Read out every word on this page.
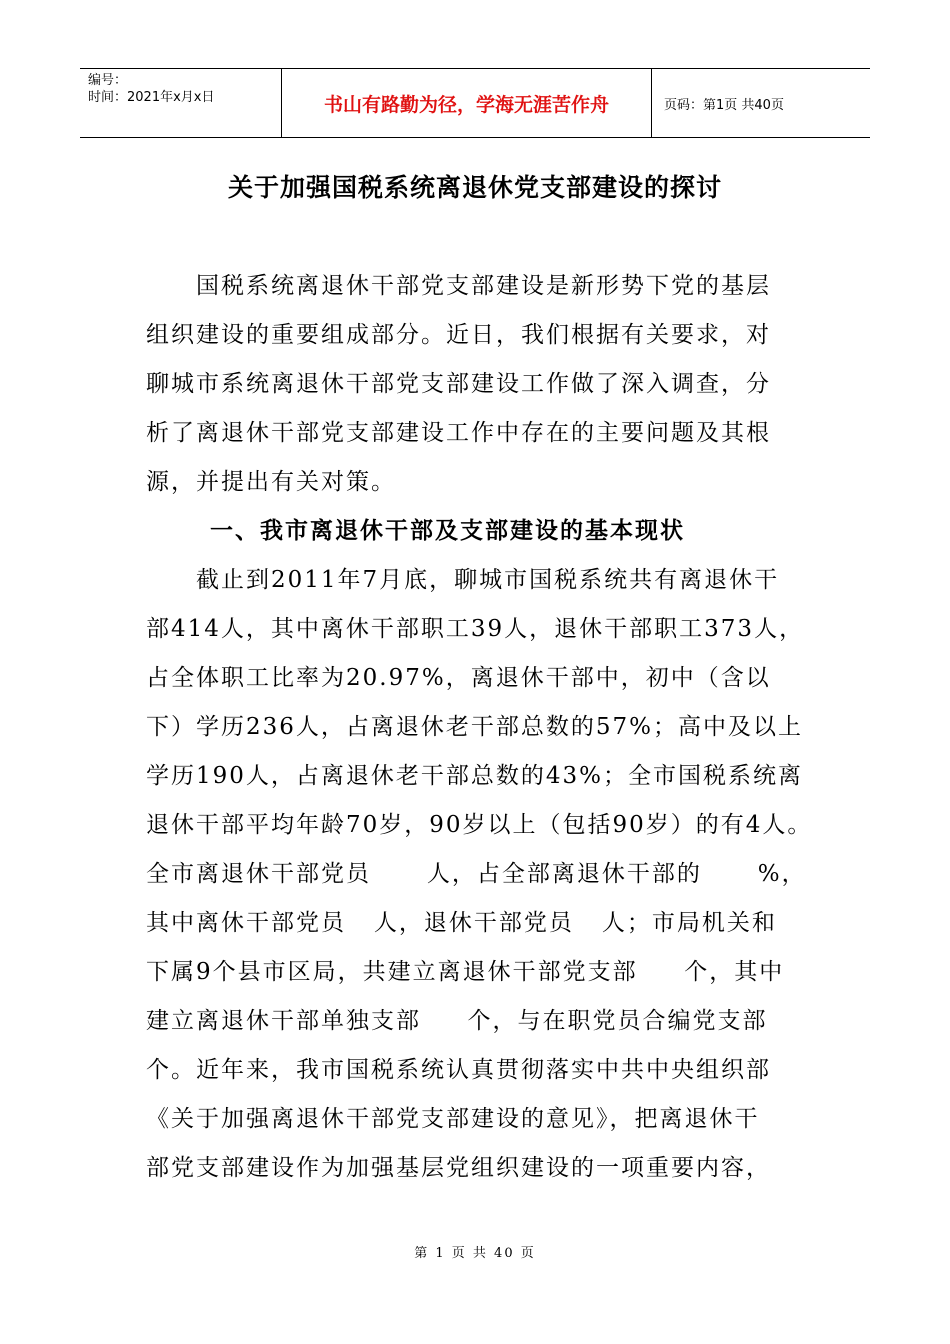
编号：
时间：2021年x月x日	书山有路勤为径，学海无涯苦作舟	页码：第1页 共40页
关于加强国税系统离退休党支部建设的探讨
国税系统离退休干部党支部建设是新形势下党的基层
组织建设的重要组成部分。近日，我们根据有关要求，对
聊城市系统离退休干部党支部建设工作做了深入调查，分
析了离退休干部党支部建设工作中存在的主要问题及其根
源，并提出有关对策。
一、我市离退休干部及支部建设的基本现状
截止到2011年7月底，聊城市国税系统共有离退休干
部414人，其中离休干部职工39人，退休干部职工373人，
占全体职工比率为20.97%，离退休干部中，初中（含以
下）学历236人，占离退休老干部总数的57%；高中及以上
学历190人，占离退休老干部总数的43%；全市国税系统离
退休干部平均年龄70岁，90岁以上（包括90岁）的有4人。
全市离退休干部党员      人，占全部离退休干部的      %，
其中离休干部党员   人，退休干部党员   人；市局机关和
下属9个县市区局，共建立离退休干部党支部     个，其中
建立离退休干部单独支部     个，与在职党员合编党支部
个。近年来，我市国税系统认真贯彻落实中共中央组织部
《关于加强离退休干部党支部建设的意见》，把离退休干
部党支部建设作为加强基层党组织建设的一项重要内容，
第 1 页 共 40 页
